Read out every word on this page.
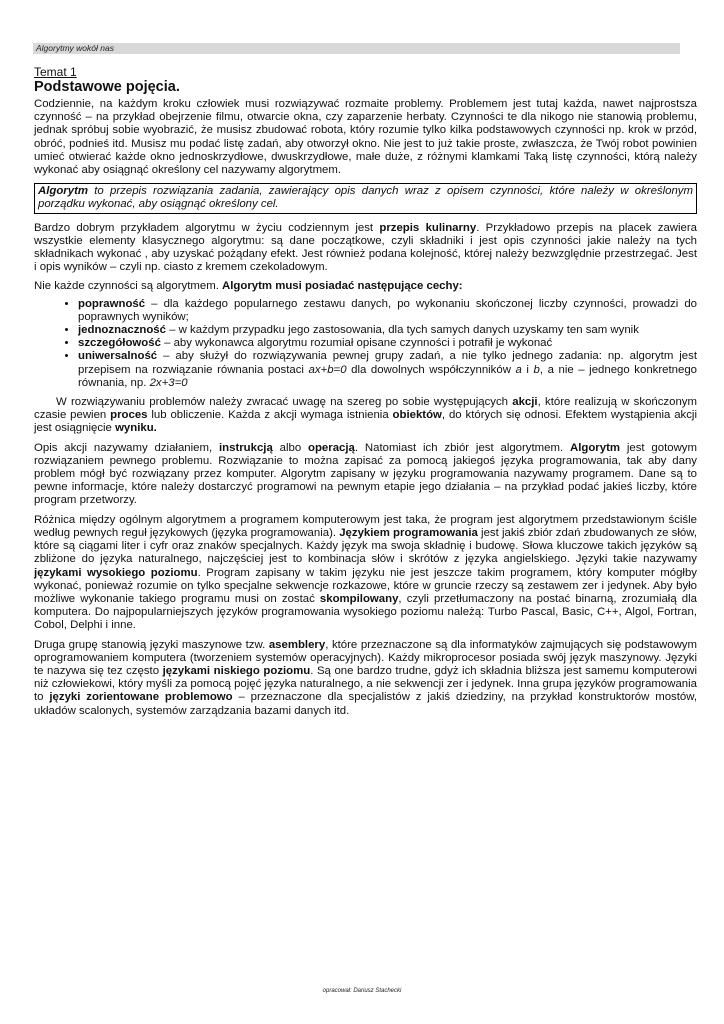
Algorytmy wokół nas
Temat 1
Podstawowe pojęcia.

Codziennie, na każdym kroku człowiek musi rozwiązywać rozmaite problemy. Problemem jest tutaj każda, nawet najprostsza czynność – na przykład obejrzenie filmu, otwarcie okna, czy zaparzenie herbaty. Czynności te dla nikogo nie stanowią problemu, jednak spróbuj sobie wyobrazić, że musisz zbudować robota, który rozumie tylko kilka podstawowych czynności np. krok w przód, obróć, podnieś itd. Musisz mu podać listę zadań, aby otworzył okno. Nie jest to już takie proste, zwłaszcza, że Twój robot powinien umieć otwierać każde okno jednoskrzydłowe, dwuskrzydłowe, małe duże, z różnymi klamkami Taką listę czynności, którą należy wykonać aby osiągnąć określony cel nazywamy algorytmem.

Algorytm to przepis rozwiązania zadania, zawierający opis danych wraz z opisem czynności, które należy w określonym porządku wykonać, aby osiągnąć określony cel.

Bardzo dobrym przykładem algorytmu w życiu codziennym jest przepis kulinarny. Przykładowo przepis na placek zawiera wszystkie elementy klasycznego algorytmu: są dane początkowe, czyli składniki i jest opis czynności jakie należy na tych składnikach wykonać , aby uzyskać pożądany efekt. Jest również podana kolejność, której należy bezwzględnie przestrzegać. Jest i opis wyników – czyli np. ciasto z kremem czekoladowym.

Nie każde czynności są algorytmem. Algorytm musi posiadać następujące cechy:

• poprawność – dla każdego popularnego zestawu danych, po wykonaniu skończonej liczby czynności, prowadzi do poprawnych wyników;
• jednoznaczność – w każdym przypadku jego zastosowania, dla tych samych danych uzyskamy ten sam wynik
• szczegółowość – aby wykonawca algorytmu rozumiał opisane czynności i potrafił je wykonać
• uniwersalność – aby służył do rozwiązywania pewnej grupy zadań, a nie tylko jednego zadania: np. algorytm jest przepisem na rozwiązanie równania postaci ax+b=0 dla dowolnych współczynników a i b, a nie – jednego konkretnego równania, np. 2x+3=0

W rozwiązywaniu problemów należy zwracać uwagę na szereg po sobie występujących akcji, które realizują w skończonym czasie pewien proces lub obliczenie. Każda z akcji wymaga istnienia obiektów, do których się odnosi. Efektem wystąpienia akcji jest osiągnięcie wyniku.

Opis akcji nazywamy działaniem, instrukcją albo operacją. Natomiast ich zbiór jest algorytmem. Algorytm jest gotowym rozwiązaniem pewnego problemu. Rozwiązanie to można zapisać za pomocą jakiegoś języka programowania, tak aby dany problem mógł być rozwiązany przez komputer. Algorytm zapisany w języku programowania nazywamy programem. Dane są to pewne informacje, które należy dostarczyć programowi na pewnym etapie jego działania – na przykład podać jakieś liczby, które program przetworzy.

Różnica między ogólnym algorytmem a programem komputerowym jest taka, że program jest algorytmem przedstawionym ściśle według pewnych reguł językowych (języka programowania). Językiem programowania jest jakiś zbiór zdań zbudowanych ze słów, które są ciągami liter i cyfr oraz znaków specjalnych. Każdy język ma swoja składnię i budowę. Słowa kluczowe takich języków są zbliżone do języka naturalnego, najczęściej jest to kombinacja słów i skrótów z języka angielskiego. Języki takie nazywamy językami wysokiego poziomu. Program zapisany w takim języku nie jest jeszcze takim programem, który komputer mógłby wykonać, ponieważ rozumie on tylko specjalne sekwencje rozkazowe, które w gruncie rzeczy są zestawem zer i jedynek. Aby było możliwe wykonanie takiego programu musi on zostać skompilowany, czyli przetłumaczony na postać binarną, zrozumiałą dla komputera. Do najpopularniejszych języków programowania wysokiego poziomu należą: Turbo Pascal, Basic, C++, Algol, Fortran, Cobol, Delphi i inne.

Druga grupę stanowią języki maszynowe tzw. asemblery, które przeznaczone są dla informatyków zajmujących się podstawowym oprogramowaniem komputera (tworzeniem systemów operacyjnych). Każdy mikroprocesor posiada swój język maszynowy. Języki te nazywa się tez często językami niskiego poziomu. Są one bardzo trudne, gdyż ich składnia bliższa jest samemu komputerowi niż człowiekowi, który myśli za pomocą pojęć języka naturalnego, a nie sekwencji zer i jedynek. Inna grupa języków programowania to języki zorientowane problemowo – przeznaczone dla specjalistów z jakiś dziedziny, na przykład konstruktorów mostów, układów scalonych, systemów zarządzania bazami danych itd.

opracował: Dariusz Stachecki
